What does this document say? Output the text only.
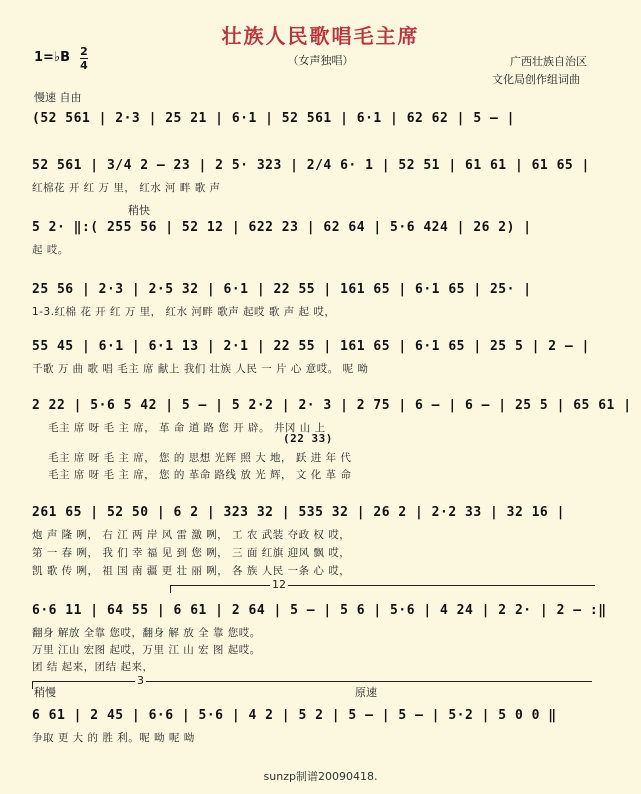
壮族人民歌唱毛主席
（女声独唱）
1=♭B 2
4	广西壮族自治区
文化局创作组词曲
慢速 自由
稍快
稍慢	原速
12
3
(52 561 | 2·3 | 25 21 | 6·1 | 52 561 | 6·1 | 62 62 | 5 — |
52 561 | 3/4 2 — 23 | 2 5· 323 | 2/4 6· 1 | 52 51 | 61 61 | 61 65 |
红棉花 开 红 万 里， 红水 河 畔 歌 声
5 2· ‖:( 255 56 | 52 12 | 622 23 | 62 64 | 5·6 424 | 26 2) |
起 哎。
25 56 | 2·3 | 2·5 32 | 6·1 | 22 55 | 161 65 | 6·1 65 | 25· |
1-3.红棉 花 开 红 万 里， 红水 河畔 歌声 起哎 歌 声 起 哎，
55 45 | 6·1 | 6·1 13 | 2·1 | 22 55 | 161 65 | 6·1 65 | 25 5 | 2 — |
千歌 万 曲 歌 唱 毛主 席 献上 我们 壮族 人民 一 片 心 意哎。 呢 呦
2 22 | 5·6 5 42 | 5 — | 5 2·2 | 2· 3 | 2 75 | 6 — | 6 — | 25 5 | 65 61 |
毛主 席 呀 毛 主 席， 革 命 道 路 您 开 辟。 井冈 山 上
(22 33)
毛主 席 呀 毛 主 席， 您 的 思想 光辉 照 大 地， 跃 进 年 代
毛主 席 呀 毛 主 席， 您 的 革命 路线 放 光 辉， 文 化 革 命
261 65 | 52 50 | 6 2 | 323 32 | 535 32 | 26 2 | 2·2 33 | 32 16 |
炮 声 隆 咧， 右 江 两 岸 风 雷 激 咧， 工 农 武装 夺政 权 哎，
第 一 春 咧， 我 们 幸 福 见 到 您 咧， 三 面 红旗 迎风 飘 哎，
凯 歌 传 咧， 祖 国 南 疆 更 壮 丽 咧， 各 族 人民 一条 心 哎，
6·6 11 | 64 55 | 6 61 | 2 64 | 5 — | 5 6 | 5·6 | 4 24 | 2 2· | 2 — :‖
翻身 解放 全靠 您哎，翻身 解 放 全 靠 您哎。
万里 江山 宏图 起哎，万里 江 山 宏 图 起哎。
团 结 起来，团结 起来，
6 61 | 2 45 | 6·6 | 5·6 | 4 2 | 5 2 | 5 — | 5 — | 5·2 | 5 0 0 ‖
争取 更 大 的 胜 利。呢 呦 呢 呦
sunzp制谱20090418.
